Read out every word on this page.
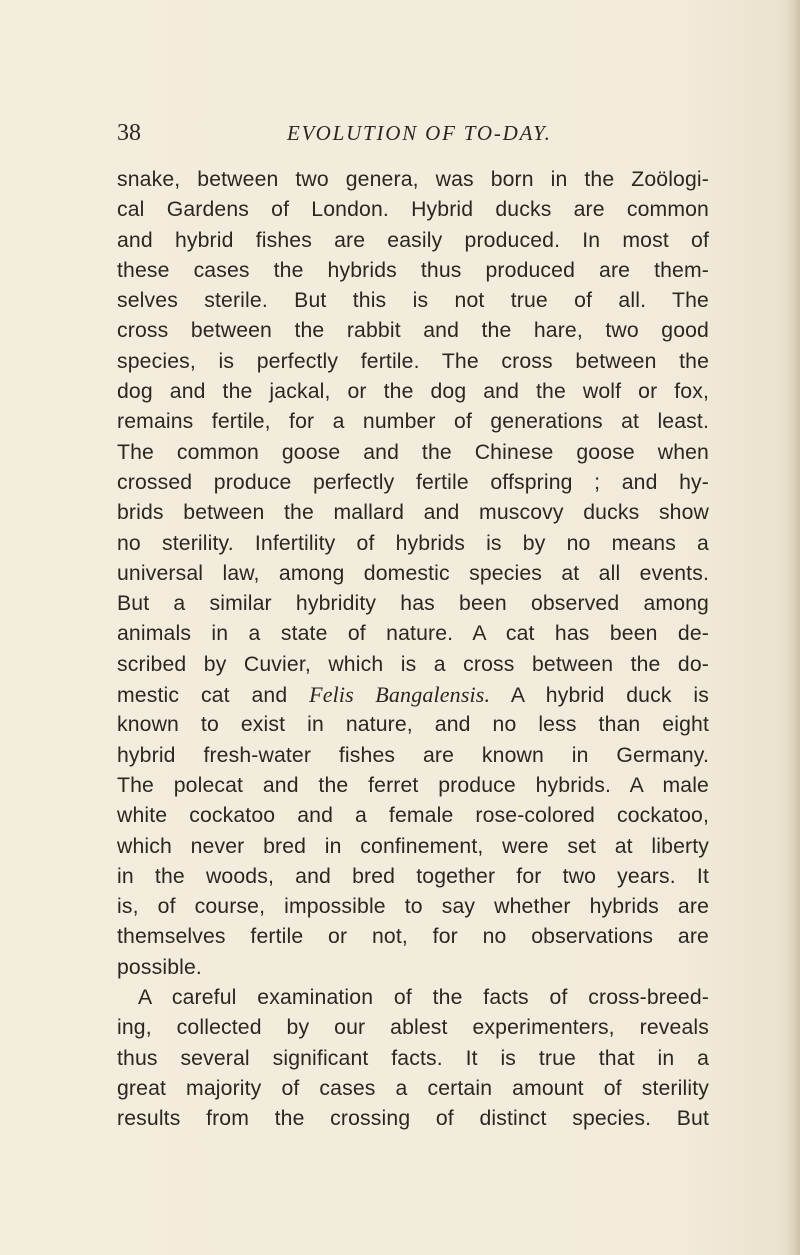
38	EVOLUTION OF TO-DAY.
snake, between two genera, was born in the Zoölogi-
cal Gardens of London. Hybrid ducks are common
and hybrid fishes are easily produced. In most of
these cases the hybrids thus produced are them-
selves sterile. But this is not true of all. The
cross between the rabbit and the hare, two good
species, is perfectly fertile. The cross between the
dog and the jackal, or the dog and the wolf or fox,
remains fertile, for a number of generations at least.
The common goose and the Chinese goose when
crossed produce perfectly fertile offspring ; and hy-
brids between the mallard and muscovy ducks show
no sterility. Infertility of hybrids is by no means a
universal law, among domestic species at all events.
But a similar hybridity has been observed among
animals in a state of nature. A cat has been de-
scribed by Cuvier, which is a cross between the do-
mestic cat and Felis Bangalensis. A hybrid duck is
known to exist in nature, and no less than eight
hybrid fresh-water fishes are known in Germany.
The polecat and the ferret produce hybrids. A male
white cockatoo and a female rose-colored cockatoo,
which never bred in confinement, were set at liberty
in the woods, and bred together for two years. It
is, of course, impossible to say whether hybrids are
themselves fertile or not, for no observations are
possible.
A careful examination of the facts of cross-breed-
ing, collected by our ablest experimenters, reveals
thus several significant facts. It is true that in a
great majority of cases a certain amount of sterility
results from the crossing of distinct species. But
